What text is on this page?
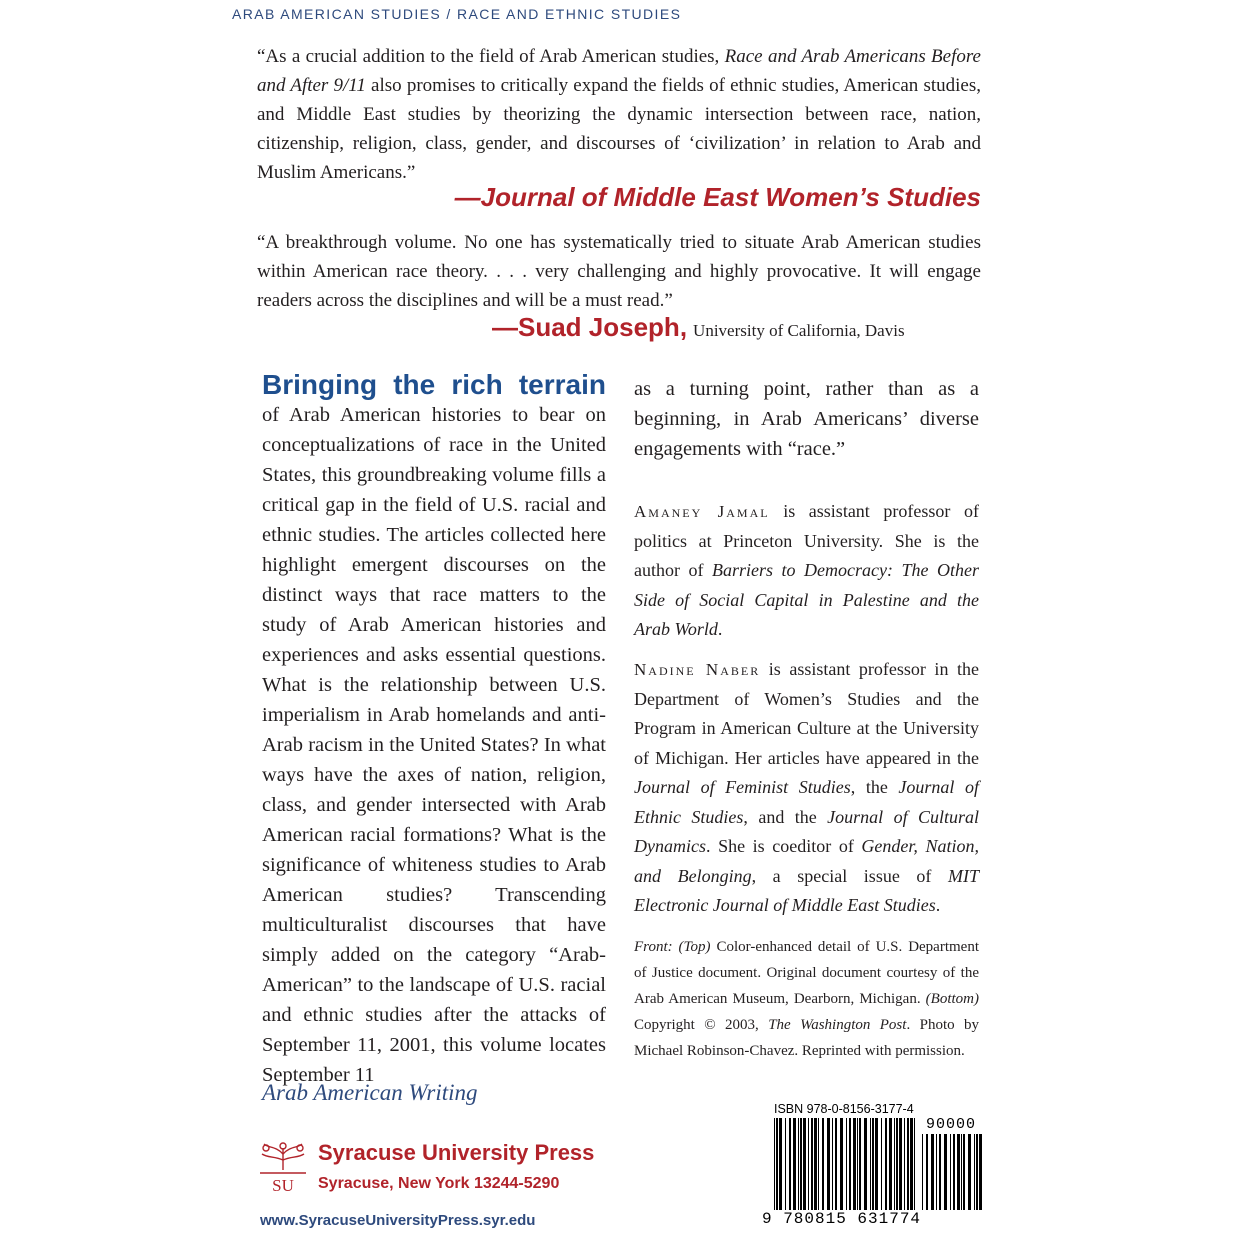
ARAB AMERICAN STUDIES / RACE AND ETHNIC STUDIES
“As a crucial addition to the field of Arab American studies, Race and Arab Americans Before and After 9/11 also promises to critically expand the fields of ethnic studies, American studies, and Middle East studies by theorizing the dynamic intersection between race, nation, citizenship, religion, class, gender, and discourses of ‘civilization’ in relation to Arab and Muslim Americans.”
—Journal of Middle East Women’s Studies
“A breakthrough volume. No one has systematically tried to situate Arab American studies within American race theory. . . . very challenging and highly provocative. It will engage readers across the disciplines and will be a must read.”
—Suad Joseph, University of California, Davis
Bringing the rich terrain
of Arab American histories to bear on conceptualizations of race in the United States, this groundbreaking volume fills a critical gap in the field of U.S. racial and ethnic studies. The articles collected here highlight emergent discourses on the distinct ways that race matters to the study of Arab American histories and experiences and asks essential questions. What is the relationship between U.S. imperialism in Arab homelands and anti-Arab racism in the United States? In what ways have the axes of nation, religion, class, and gender intersected with Arab American racial formations? What is the significance of whiteness studies to Arab American studies? Transcending multiculturalist discourses that have simply added on the category “Arab-American” to the landscape of U.S. racial and ethnic studies after the attacks of September 11, 2001, this volume locates September 11
as a turning point, rather than as a beginning, in Arab Americans’ diverse engagements with “race.”
Amaney Jamal is assistant professor of politics at Princeton University. She is the author of Barriers to Democracy: The Other Side of Social Capital in Palestine and the Arab World.
Nadine Naber is assistant professor in the Department of Women’s Studies and the Program in American Culture at the University of Michigan. Her articles have appeared in the Journal of Feminist Studies, the Journal of Ethnic Studies, and the Journal of Cultural Dynamics. She is coeditor of Gender, Nation, and Belonging, a special issue of MIT Electronic Journal of Middle East Studies.
Front: (Top) Color-enhanced detail of U.S. Department of Justice document. Original document courtesy of the Arab American Museum, Dearborn, Michigan. (Bottom) Copyright © 2003, The Washington Post. Photo by Michael Robinson-Chavez. Reprinted with permission.
Arab American Writing
SU
Syracuse University Press
Syracuse, New York 13244-5290
www.SyracuseUniversityPress.syr.edu
ISBN 978-0-8156-3177-4
90000
9 780815 631774
